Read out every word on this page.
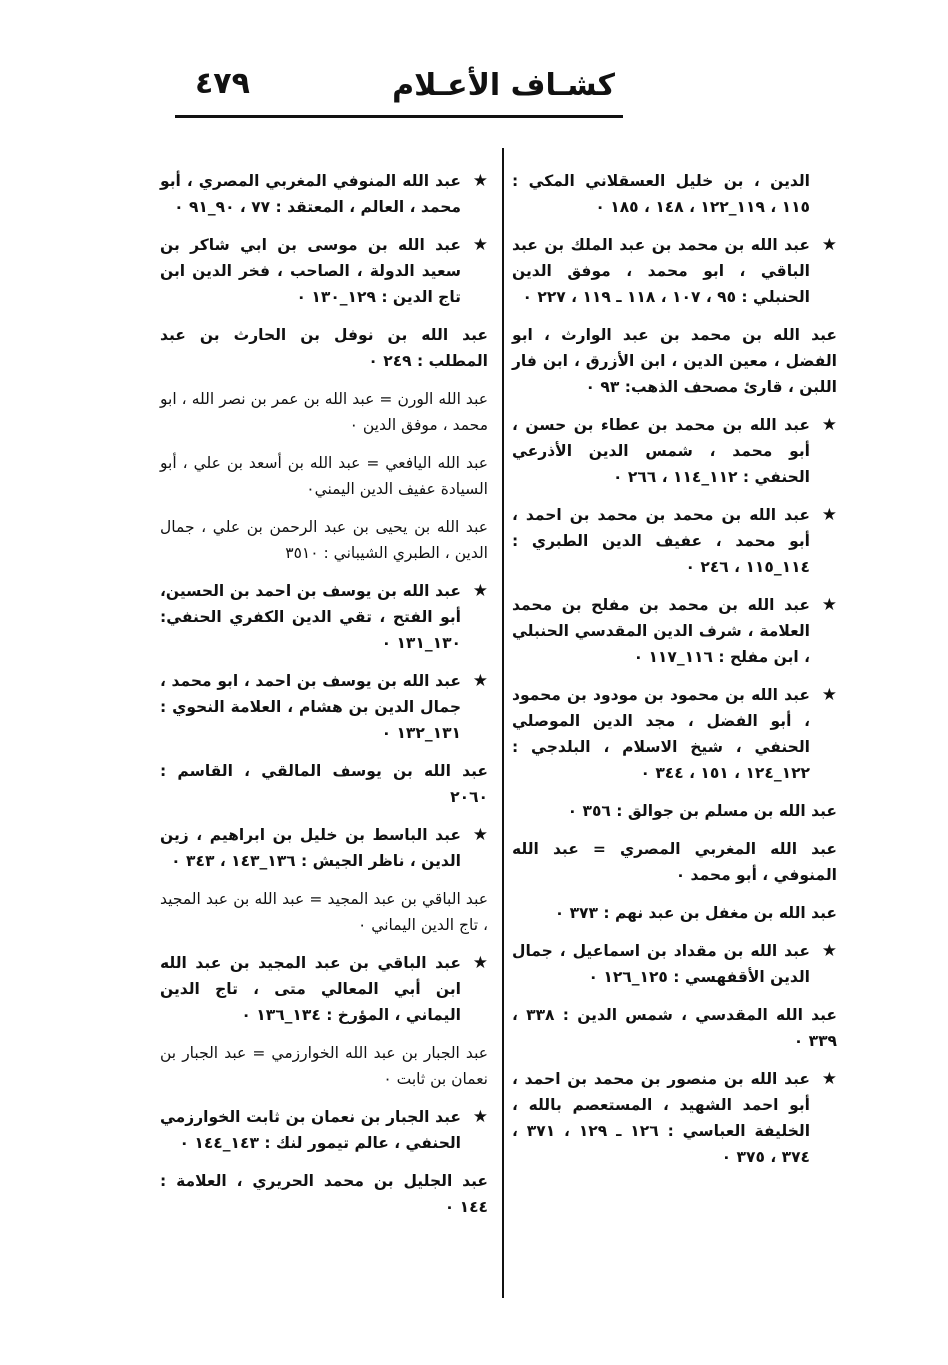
كشـاف الأعـلام
٤٧٩
الدين ، بن خليل العسقلاني المكي : ١١٥ ، ١١٩_١٢٢ ، ١٤٨ ، ١٨٥ ٠
★
عبد الله بن محمد بن عبد الملك بن عبد الباقي ، ابو محمد ، موفق الدين الحنبلي : ٩٥ ، ١٠٧ ، ١١٨ ـ ١١٩ ، ٢٢٧ ٠
عبد الله بن محمد بن عبد الوارث ، ابو الفضل ، معين الدين ، ابن الأزرق ، ابن فار اللبن ، قارئ مصحف الذهب: ٩٣ ٠
★
عبد الله بن محمد بن عطاء بن حسن ، أبو محمد ، شمس الدين الأذرعي الحنفي : ١١٢_١١٤ ، ٢٦٦ ٠
★
عبد الله بن محمد بن محمد بن احمد ، أبو محمد ، عفيف الدين الطبري : ١١٤_١١٥ ، ٢٤٦ ٠
★
عبد الله بن محمد بن مفلح بن محمد العلامة ، شرف الدين المقدسي الحنبلي ، ابن مفلح : ١١٦_١١٧ ٠
★
عبد الله بن محمود بن مودود بن محمود ، أبو الفضل ، مجد الدين الموصلي الحنفي ، شيخ الاسلام ، البلدجي : ١٢٢_١٢٤ ، ١٥١ ، ٣٤٤ ٠
عبد الله بن مسلم بن جوالق : ٣٥٦ ٠
عبد الله المغربي المصري = عبد الله المنوفي ، أبو محمد ٠
عبد الله بن مغفل بن عبد نهم : ٣٧٣ ٠
★
عبد الله بن مقداد بن اسماعيل ، جمال الدين الأقفهسي : ١٢٥_١٢٦ ٠
عبد الله المقدسي ، شمس الدين : ٣٣٨ ، ٣٣٩ ٠
★
عبد الله بن منصور بن محمد بن احمد ، أبو احمد الشهيد ، المستعصم بالله ، الخليفة العباسي : ١٢٦ ـ ١٢٩ ، ٣٧١ ، ٣٧٤ ، ٣٧٥ ٠
★
عبد الله المنوفي المغربي المصري ، أبو محمد ، العالم ، المعتقد : ٧٧ ، ٩٠_٩١ ٠
★
عبد الله بن موسى بن ابي شاكر بن سعيد الدولة ، الصاحب ، فخر الدين ابن تاج الدين : ١٢٩_١٣٠ ٠
عبد الله بن نوفل بن الحارث بن عبد المطلب : ٢٤٩ ٠
عبد الله الورن = عبد الله بن عمر بن نصر الله ، ابو محمد ، موفق الدين ٠
عبد الله اليافعي = عبد الله بن أسعد بن علي ، أبو السيادة عفيف الدين اليمني٠
عبد الله بن يحيى بن عبد الرحمن بن علي ، جمال الدين ، الطبري الشيباني : ٣٥١٠
★
عبد الله بن يوسف بن احمد بن الحسين، أبو الفتح ، تقي الدين الكفري الحنفي: ١٣٠_١٣١ ٠
★
عبد الله بن يوسف بن احمد ، ابو محمد ، جمال الدين بن هشام ، العلامة النحوي : ١٣١_١٣٢ ٠
عبد الله بن يوسف المالقي ، القاسم : ٢٠٦٠
★
عبد الباسط بن خليل بن ابراهيم ، زين الدين ، ناظر الجيش : ١٣٦_١٤٣ ، ٣٤٣ ٠
عبد الباقي بن عبد المجيد = عبد الله بن عبد المجيد ، تاج الدين اليماني ٠
★
عبد الباقي بن عبد المجيد بن عبد الله ابن أبي المعالي متى ، تاج الدين اليماني ، المؤرخ : ١٣٤_١٣٦ ٠
عبد الجبار بن عبد الله الخوارزمي = عبد الجبار بن نعمان بن ثابت ٠
★
عبد الجبار بن نعمان بن ثابت الخوارزمي الحنفي ، عالم تيمور لنك : ١٤٣_١٤٤ ٠
عبد الجليل بن محمد الحريري ، العلامة : ١٤٤ ٠
